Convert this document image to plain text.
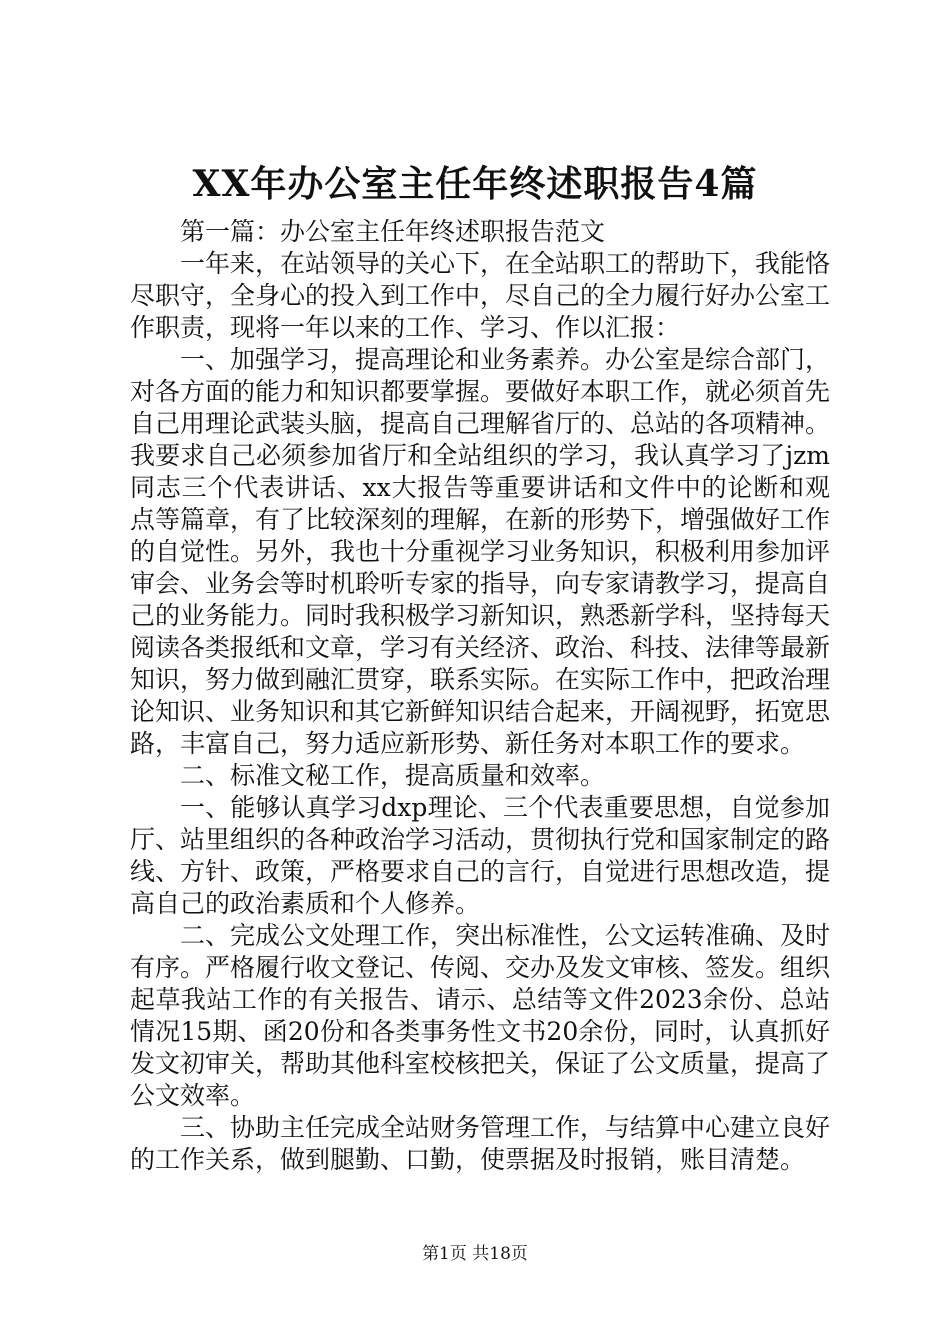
XX年办公室主任年终述职报告4篇

第一篇：办公室主任年终述职报告范文

一年来，在站领导的关心下，在全站职工的帮助下，我能恪尽职守，全身心的投入到工作中，尽自己的全力履行好办公室工作职责，现将一年以来的工作、学习、作以汇报：

一、加强学习，提高理论和业务素养。办公室是综合部门，对各方面的能力和知识都要掌握。要做好本职工作，就必须首先自己用理论武装头脑，提高自己理解省厅的、总站的各项精神。我要求自己必须参加省厅和全站组织的学习，我认真学习了jzm同志三个代表讲话、xx大报告等重要讲话和文件中的论断和观点等篇章，有了比较深刻的理解，在新的形势下，增强做好工作的自觉性。另外，我也十分重视学习业务知识，积极利用参加评审会、业务会等时机聆听专家的指导，向专家请教学习，提高自己的业务能力。同时我积极学习新知识，熟悉新学科，坚持每天阅读各类报纸和文章，学习有关经济、政治、科技、法律等最新知识，努力做到融汇贯穿，联系实际。在实际工作中，把政治理论知识、业务知识和其它新鲜知识结合起来，开阔视野，拓宽思路，丰富自己，努力适应新形势、新任务对本职工作的要求。

二、标准文秘工作，提高质量和效率。

一、能够认真学习dxp理论、三个代表重要思想，自觉参加厅、站里组织的各种政治学习活动，贯彻执行党和国家制定的路线、方针、政策，严格要求自己的言行，自觉进行思想改造，提高自己的政治素质和个人修养。

二、完成公文处理工作，突出标准性，公文运转准确、及时有序。严格履行收文登记、传阅、交办及发文审核、签发。组织起草我站工作的有关报告、请示、总结等文件2023余份、总站情况15期、函20份和各类事务性文书20余份，同时，认真抓好发文初审关，帮助其他科室校核把关，保证了公文质量，提高了公文效率。

三、协助主任完成全站财务管理工作，与结算中心建立良好的工作关系，做到腿勤、口勤，使票据及时报销，账目清楚。

第1页 共18页
